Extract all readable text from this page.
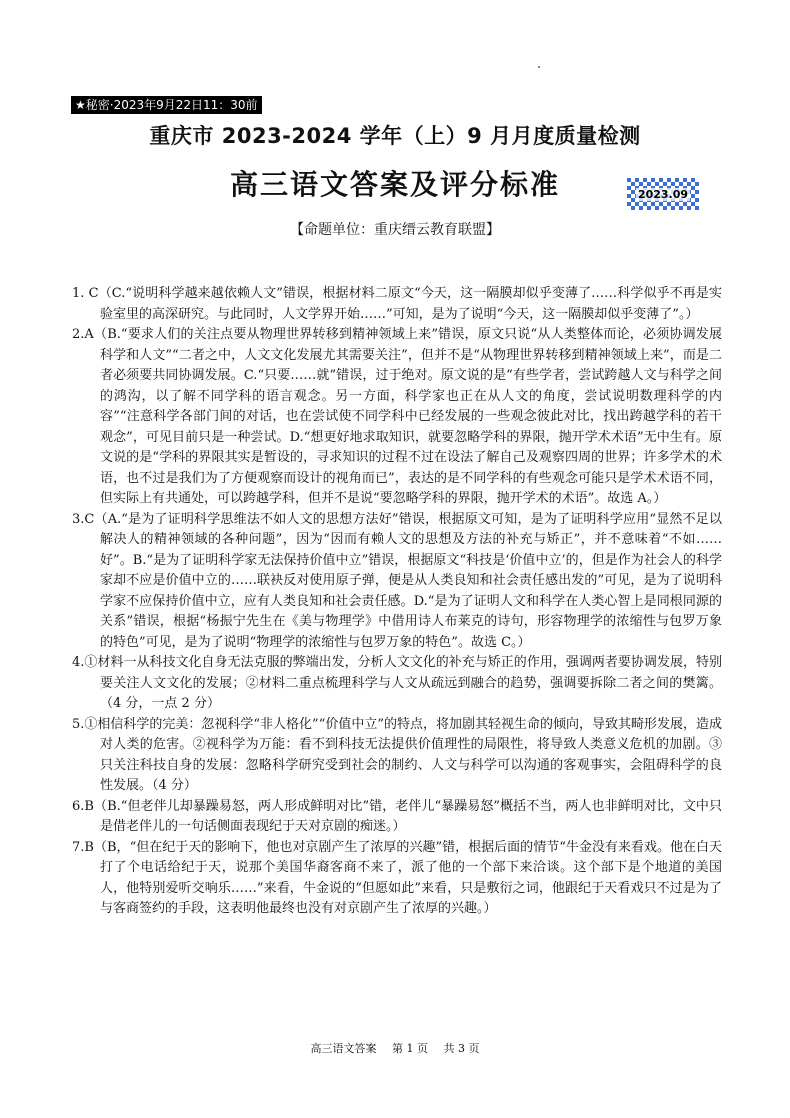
★秘密·2023年9月22日11：30前
重庆市 2023-2024 学年（上）9 月月度质量检测
高三语文答案及评分标准	2023.09
【命题单位：重庆缙云教育联盟】

1. C（C.“说明科学越来越依赖人文”错误，根据材料二原文“今天，这一隔膜却似乎变薄了……科学似乎不再是实验室里的高深研究。与此同时，人文学界开始……”可知，是为了说明“今天，这一隔膜却似乎变薄了”。）

2.A（B.“要求人们的关注点要从物理世界转移到精神领域上来”错误，原文只说“从人类整体而论，必须协调发展科学和人文”“二者之中，人文文化发展尤其需要关注”，但并不是“从物理世界转移到精神领域上来”，而是二者必须要共同协调发展。C.“只要……就”错误，过于绝对。原文说的是“有些学者，尝试跨越人文与科学之间的鸿沟，以了解不同学科的语言观念。另一方面，科学家也正在从人文的角度，尝试说明数理科学的内容”“注意科学各部门间的对话，也在尝试使不同学科中已经发展的一些观念彼此对比，找出跨越学科的若干观念”，可见目前只是一种尝试。D.“想更好地求取知识，就要忽略学科的界限，抛开学术术语”无中生有。原文说的是“学科的界限其实是暂设的，寻求知识的过程不过在设法了解自己及观察四周的世界；许多学术的术语，也不过是我们为了方便观察而设计的视角而已”，表达的是不同学科的有些观念可能只是学术术语不同，但实际上有共通处，可以跨越学科，但并不是说“要忽略学科的界限，抛开学术的术语”。故选 A。）

3.C（A.“是为了证明科学思维法不如人文的思想方法好”错误，根据原文可知，是为了证明科学应用“显然不足以解决人的精神领域的各种问题”，因为“因而有赖人文的思想及方法的补充与矫正”，并不意味着“不如……好”。B.“是为了证明科学家无法保持价值中立”错误，根据原文“科技是‘价值中立’的，但是作为社会人的科学家却不应是价值中立的……联袂反对使用原子弹，便是从人类良知和社会责任感出发的”可见，是为了说明科学家不应保持价值中立，应有人类良知和社会责任感。D.“是为了证明人文和科学在人类心智上是同根同源的关系”错误，根据“杨振宁先生在《美与物理学》中借用诗人布莱克的诗句，形容物理学的浓缩性与包罗万象的特色”可见，是为了说明“物理学的浓缩性与包罗万象的特色”。故选 C。）

4.①材料一从科技文化自身无法克服的弊端出发，分析人文文化的补充与矫正的作用，强调两者要协调发展，特别要关注人文文化的发展；②材料二重点梳理科学与人文从疏远到融合的趋势，强调要拆除二者之间的樊篱。（4 分，一点 2 分）

5.①相信科学的完美：忽视科学“非人格化”“价值中立”的特点，将加剧其轻视生命的倾向，导致其畸形发展，造成对人类的危害。②视科学为万能：看不到科技无法提供价值理性的局限性，将导致人类意义危机的加剧。③只关注科技自身的发展：忽略科学研究受到社会的制约、人文与科学可以沟通的客观事实，会阻碍科学的良性发展。（4 分）

6.B（B.“但老伴儿却暴躁易怒，两人形成鲜明对比”错，老伴儿“暴躁易怒”概括不当，两人也非鲜明对比，文中只是借老伴儿的一句话侧面表现纪于天对京剧的痴迷。）

7.B（B，“但在纪于天的影响下，他也对京剧产生了浓厚的兴趣”错，根据后面的情节“牛金没有来看戏。他在白天打了个电话给纪于天，说那个美国华裔客商不来了，派了他的一个部下来洽谈。这个部下是个地道的美国人，他特别爱听交响乐……”来看，牛金说的“但愿如此”来看，只是敷衍之词，他跟纪于天看戏只不过是为了与客商签约的手段，这表明他最终也没有对京剧产生了浓厚的兴趣。）

高三语文答案 第 1 页 共 3 页
